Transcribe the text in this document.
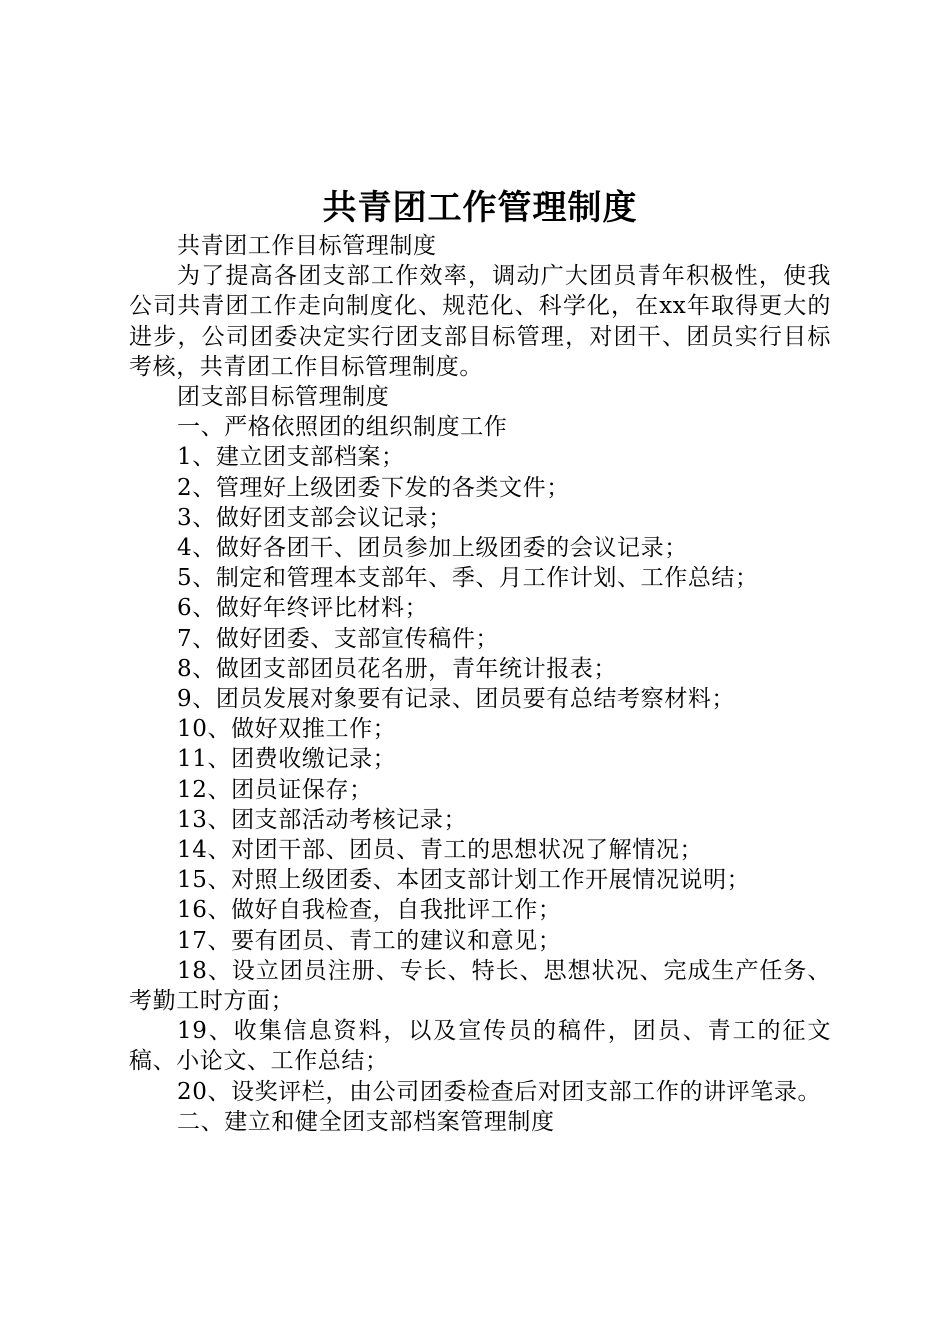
共青团工作管理制度

共青团工作目标管理制度

为了提高各团支部工作效率，调动广大团员青年积极性，使我公司共青团工作走向制度化、规范化、科学化，在xx年取得更大的进步，公司团委决定实行团支部目标管理，对团干、团员实行目标考核，共青团工作目标管理制度。

团支部目标管理制度

一、严格依照团的组织制度工作

1、建立团支部档案；

2、管理好上级团委下发的各类文件；

3、做好团支部会议记录；

4、做好各团干、团员参加上级团委的会议记录；

5、制定和管理本支部年、季、月工作计划、工作总结；

6、做好年终评比材料；

7、做好团委、支部宣传稿件；

8、做团支部团员花名册，青年统计报表；

9、团员发展对象要有记录、团员要有总结考察材料；

10、做好双推工作；

11、团费收缴记录；

12、团员证保存；

13、团支部活动考核记录；

14、对团干部、团员、青工的思想状况了解情况；

15、对照上级团委、本团支部计划工作开展情况说明；

16、做好自我检查，自我批评工作；

17、要有团员、青工的建议和意见；

18、设立团员注册、专长、特长、思想状况、完成生产任务、考勤工时方面；

19、收集信息资料，以及宣传员的稿件，团员、青工的征文稿、小论文、工作总结；

20、设奖评栏，由公司团委检查后对团支部工作的讲评笔录。

二、建立和健全团支部档案管理制度
